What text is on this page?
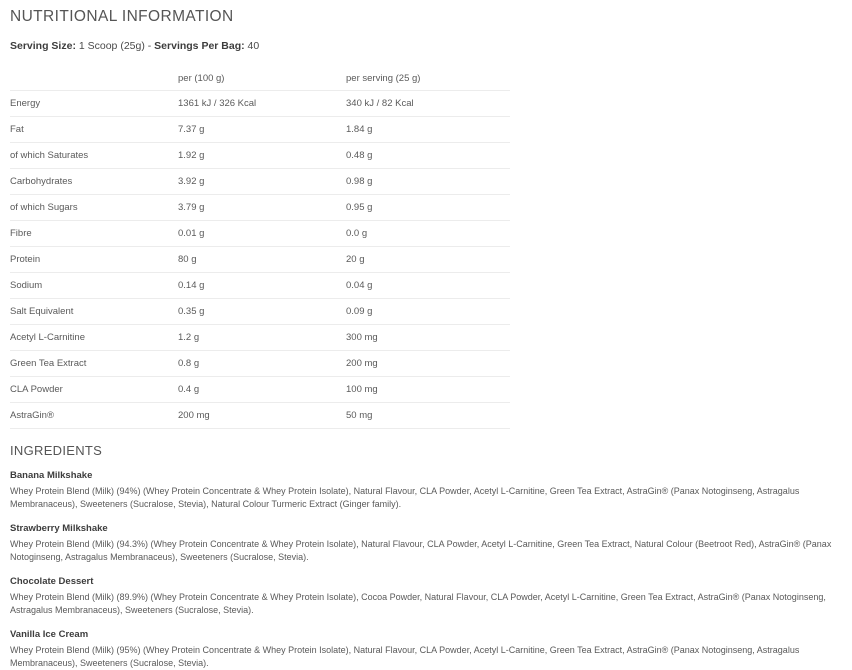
NUTRITIONAL INFORMATION
Serving Size: 1 Scoop (25g) - Servings Per Bag: 40
	per (100 g)	per serving (25 g)
Energy	1361 kJ / 326 Kcal	340 kJ / 82 Kcal
Fat	7.37 g	1.84 g
of which Saturates	1.92 g	0.48 g
Carbohydrates	3.92 g	0.98 g
of which Sugars	3.79 g	0.95 g
Fibre	0.01 g	0.0 g
Protein	80 g	20 g
Sodium	0.14 g	0.04 g
Salt Equivalent	0.35 g	0.09 g
Acetyl L-Carnitine	1.2 g	300 mg
Green Tea Extract	0.8 g	200 mg
CLA Powder	0.4 g	100 mg
AstraGin®	200 mg	50 mg
INGREDIENTS
Banana Milkshake
Whey Protein Blend (Milk) (94%) (Whey Protein Concentrate & Whey Protein Isolate), Natural Flavour, CLA Powder, Acetyl L-Carnitine, Green Tea Extract, AstraGin® (Panax Notoginseng, Astragalus Membranaceus), Sweeteners (Sucralose, Stevia), Natural Colour Turmeric Extract (Ginger family).
Strawberry Milkshake
Whey Protein Blend (Milk) (94.3%) (Whey Protein Concentrate & Whey Protein Isolate), Natural Flavour, CLA Powder, Acetyl L-Carnitine, Green Tea Extract, Natural Colour (Beetroot Red), AstraGin® (Panax Notoginseng, Astragalus Membranaceus), Sweeteners (Sucralose, Stevia).
Chocolate Dessert
Whey Protein Blend (Milk) (89.9%) (Whey Protein Concentrate & Whey Protein Isolate), Cocoa Powder, Natural Flavour, CLA Powder, Acetyl L-Carnitine, Green Tea Extract, AstraGin® (Panax Notoginseng, Astragalus Membranaceus), Sweeteners (Sucralose, Stevia).
Vanilla Ice Cream
Whey Protein Blend (Milk) (95%) (Whey Protein Concentrate & Whey Protein Isolate), Natural Flavour, CLA Powder, Acetyl L-Carnitine, Green Tea Extract, AstraGin® (Panax Notoginseng, Astragalus Membranaceus), Sweeteners (Sucralose, Stevia).
